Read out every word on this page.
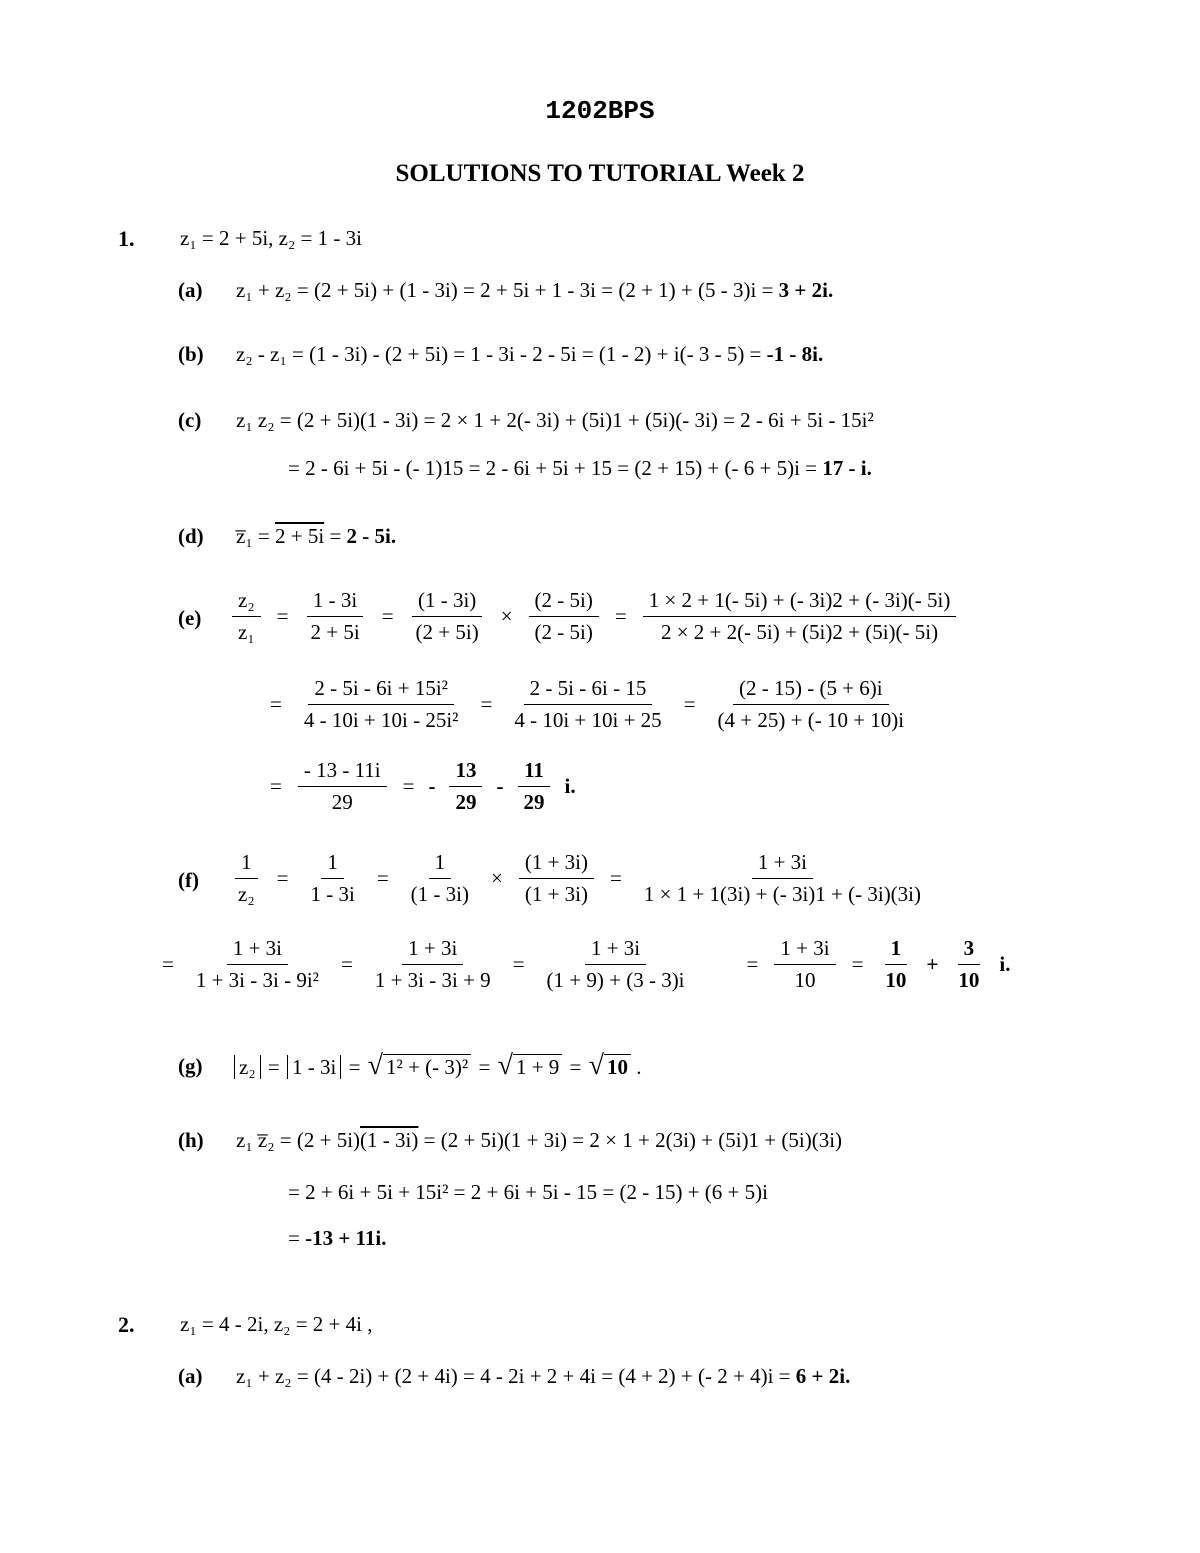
1202BPS
SOLUTIONS TO TUTORIAL Week 2
1. z₁ = 2 + 5i, z₂ = 1 - 3i
(a) z₁ + z₂ = (2 + 5i) + (1 - 3i) = 2 + 5i + 1 - 3i = (2 + 1) + (5 - 3)i = 3 + 2i.
(b) z₂ - z₁ = (1 - 3i) - (2 + 5i) = 1 - 3i - 2 - 5i = (1 - 2) + i(- 3 - 5) = -1 - 8i.
(c) z₁ z₂ = (2 + 5i)(1 - 3i) = 2 × 1 + 2(- 3i) + (5i)1 + (5i)(- 3i) = 2 - 6i + 5i - 15i²
= 2 - 6i + 5i - (- 1)15 = 2 - 6i + 5i + 15 = (2 + 15) + (- 6 + 5)i = 17 - i.
(d) z̅₁ = 2 + 5i = 2 - 5i.
$(e) \frac{\text{z₂}}{\text{z₁}} = \frac{1 - 3i}{2 + 5i} = \frac{(1 - 3i)}{(2 + 5i)} \times \frac{(2 - 5i)}{(2 - 5i)} = \frac{1 \times 2 + 1(- 5i) + (- 3i)2 + (- 3i)(- 5i)}{2 \times 2 + 2(- 5i) + (5i)2 + (5i)(- 5i)}$
= $\frac{\text{2 - 5i - 6i + 15i²}}{\text{4 - 10i + 10i - 25i²}} = \frac{2 - 5i - 6i - 15}{4 - 10i + 10i + 25} = \frac{(2 - 15) - (5 + 6)i}{(4 + 25) + (- 10 + 10)i}$
= $\frac{- 13 - 11i}{29}$ = - $\frac{13}{29} - \frac{11}{29} i$.
$(f) \frac{1}{\text{z₂}} = \frac{1}{1 - 3i} = \frac{1}{(1 - 3i)} \times \frac{(1 + 3i)}{(1 + 3i)} = \frac{1 + 3i}{1 \times 1 + 1(3i) + (- 3i)1 + (- 3i)(3i)}$
= $\frac{1 + 3i}{\text{1 + 3i - 3i - 9i²}} = \frac{1 + 3i}{1 + 3i - 3i + 9} = \frac{1 + 3i}{(1 + 9) + (3 - 3)i}$	= $\frac{1 + 3i}{10} = \frac{1}{10} + \frac{3}{10} i$.
(g) z₂ = 1 - 3i = √ 1² + (- 3)² = √ 1 + 9 = √ 10 .
(h) z₁ z̅₂ = (2 + 5i)(1 - 3i) = (2 + 5i)(1 + 3i) = 2 × 1 + 2(3i) + (5i)1 + (5i)(3i)
= 2 + 6i + 5i + 15i² = 2 + 6i + 5i - 15 = (2 - 15) + (6 + 5)i
= -13 + 11i.
2. z₁ = 4 - 2i, z₂ = 2 + 4i ,
(a) z₁ + z₂ = (4 - 2i) + (2 + 4i) = 4 - 2i + 2 + 4i = (4 + 2) + (- 2 + 4)i = 6 + 2i.
